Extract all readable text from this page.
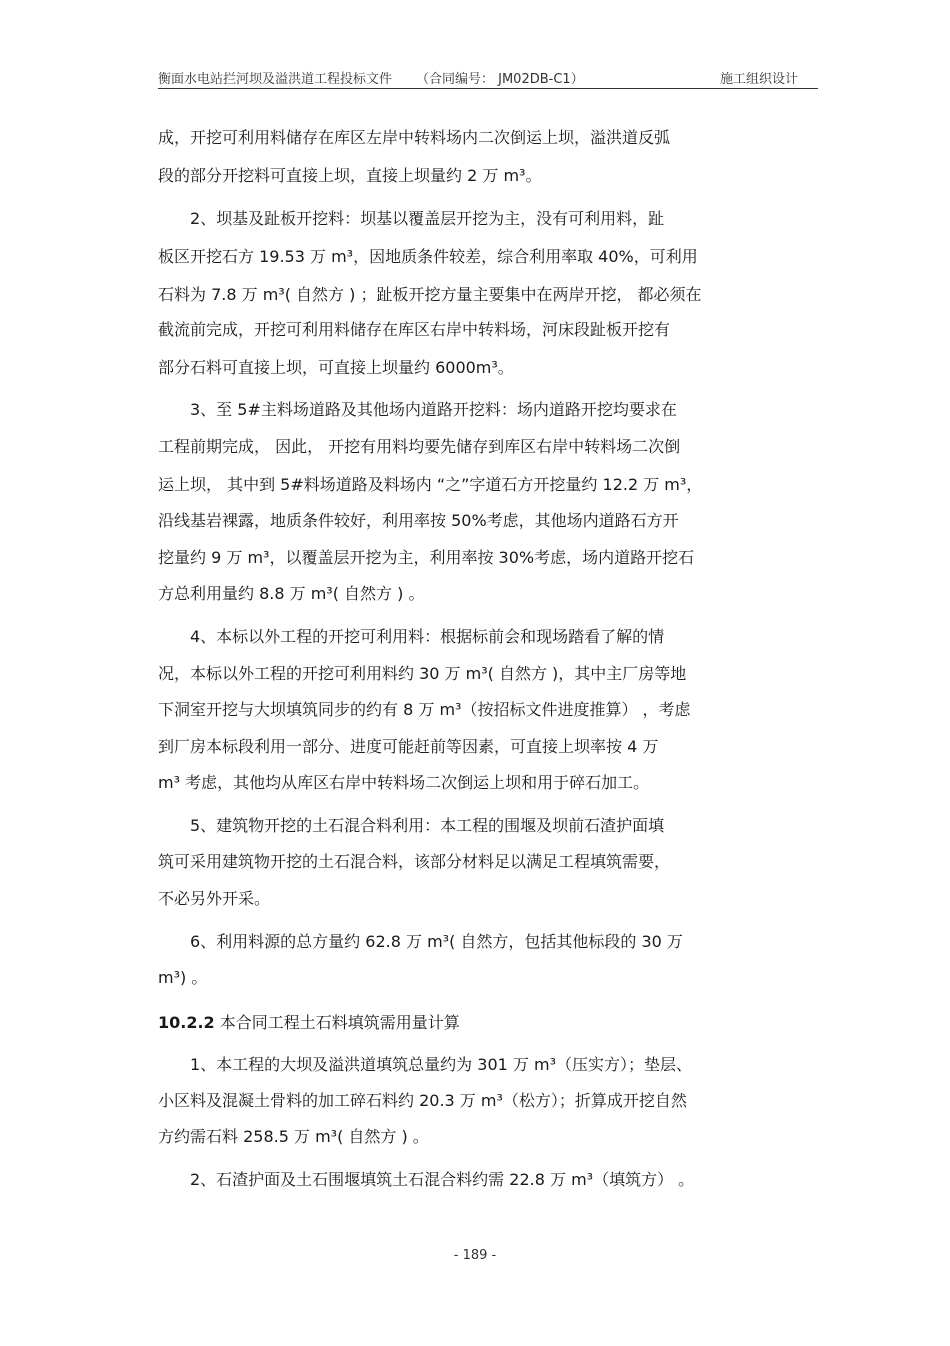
衡面水电站拦河坝及溢洪道工程投标文件 （合同编号： JM02DB-C1）	施工组织设计
成，开挖可利用料储存在库区左岸中转料场内二次倒运上坝，溢洪道反弧
段的部分开挖料可直接上坝，直接上坝量约 2 万 m³。
2、坝基及趾板开挖料：坝基以覆盖层开挖为主，没有可利用料，趾
板区开挖石方 19.53 万 m³，因地质条件较差，综合利用率取 40%，可利用
石料为 7.8 万 m³( 自然方 ) ；趾板开挖方量主要集中在两岸开挖， 都必须在
截流前完成，开挖可利用料储存在库区右岸中转料场，河床段趾板开挖有
部分石料可直接上坝，可直接上坝量约 6000m³。
3、至 5#主料场道路及其他场内道路开挖料：场内道路开挖均要求在
工程前期完成， 因此， 开挖有用料均要先储存到库区右岸中转料场二次倒
运上坝， 其中到 5#料场道路及料场内 “之”字道石方开挖量约 12.2 万 m³，
沿线基岩裸露，地质条件较好，利用率按 50%考虑，其他场内道路石方开
挖量约 9 万 m³，以覆盖层开挖为主，利用率按 30%考虑，场内道路开挖石
方总利用量约 8.8 万 m³( 自然方 ) 。
4、本标以外工程的开挖可利用料：根据标前会和现场踏看了解的情
况，本标以外工程的开挖可利用料约 30 万 m³( 自然方 )，其中主厂房等地
下洞室开挖与大坝填筑同步的约有 8 万 m³（按招标文件进度推算） ，考虑
到厂房本标段利用一部分、进度可能赶前等因素，可直接上坝率按 4 万
m³ 考虑，其他均从库区右岸中转料场二次倒运上坝和用于碎石加工。
5、建筑物开挖的土石混合料利用：本工程的围堰及坝前石渣护面填
筑可采用建筑物开挖的土石混合料，该部分材料足以满足工程填筑需要，
不必另外开采。
6、利用料源的总方量约 62.8 万 m³( 自然方，包括其他标段的 30 万
m³) 。
10.2.2 本合同工程土石料填筑需用量计算
1、本工程的大坝及溢洪道填筑总量约为 301 万 m³（压实方）；垫层、
小区料及混凝土骨料的加工碎石料约 20.3 万 m³（松方）；折算成开挖自然
方约需石料 258.5 万 m³( 自然方 ) 。
2、石渣护面及土石围堰填筑土石混合料约需 22.8 万 m³（填筑方） 。
- 189 -
